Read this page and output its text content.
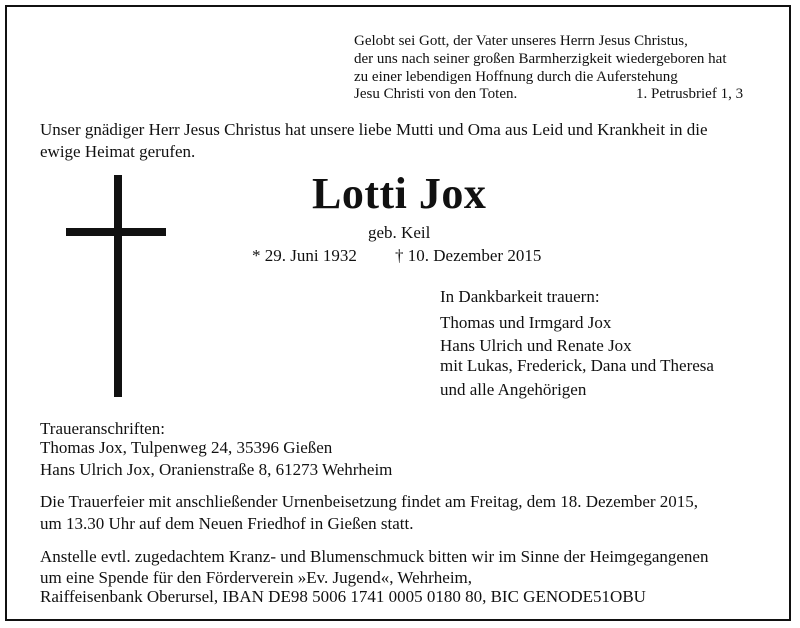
Gelobt sei Gott, der Vater unseres Herrn Jesus Christus,
der uns nach seiner großen Barmherzigkeit wiedergeboren hat
zu einer lebendigen Hoffnung durch die Auferstehung
Jesu Christi von den Toten.	1. Petrusbrief 1, 3
Unser gnädiger Herr Jesus Christus hat unsere liebe Mutti und Oma aus Leid und Krankheit in die
ewige Heimat gerufen.
Lotti Jox
geb. Keil
* 29. Juni 1932 † 10. Dezember 2015
In Dankbarkeit trauern:
Thomas und Irmgard Jox
Hans Ulrich und Renate Jox
mit Lukas, Frederick, Dana und Theresa
und alle Angehörigen
Traueranschriften:
Thomas Jox, Tulpenweg 24, 35396 Gießen
Hans Ulrich Jox, Oranienstraße 8, 61273 Wehrheim
Die Trauerfeier mit anschließender Urnenbeisetzung findet am Freitag, dem 18. Dezember 2015,
um 13.30 Uhr auf dem Neuen Friedhof in Gießen statt.
Anstelle evtl. zugedachtem Kranz- und Blumenschmuck bitten wir im Sinne der Heimgegangenen
um eine Spende für den Förderverein »Ev. Jugend«, Wehrheim,
Raiffeisenbank Oberursel, IBAN DE98 5006 1741 0005 0180 80, BIC GENODE51OBU
